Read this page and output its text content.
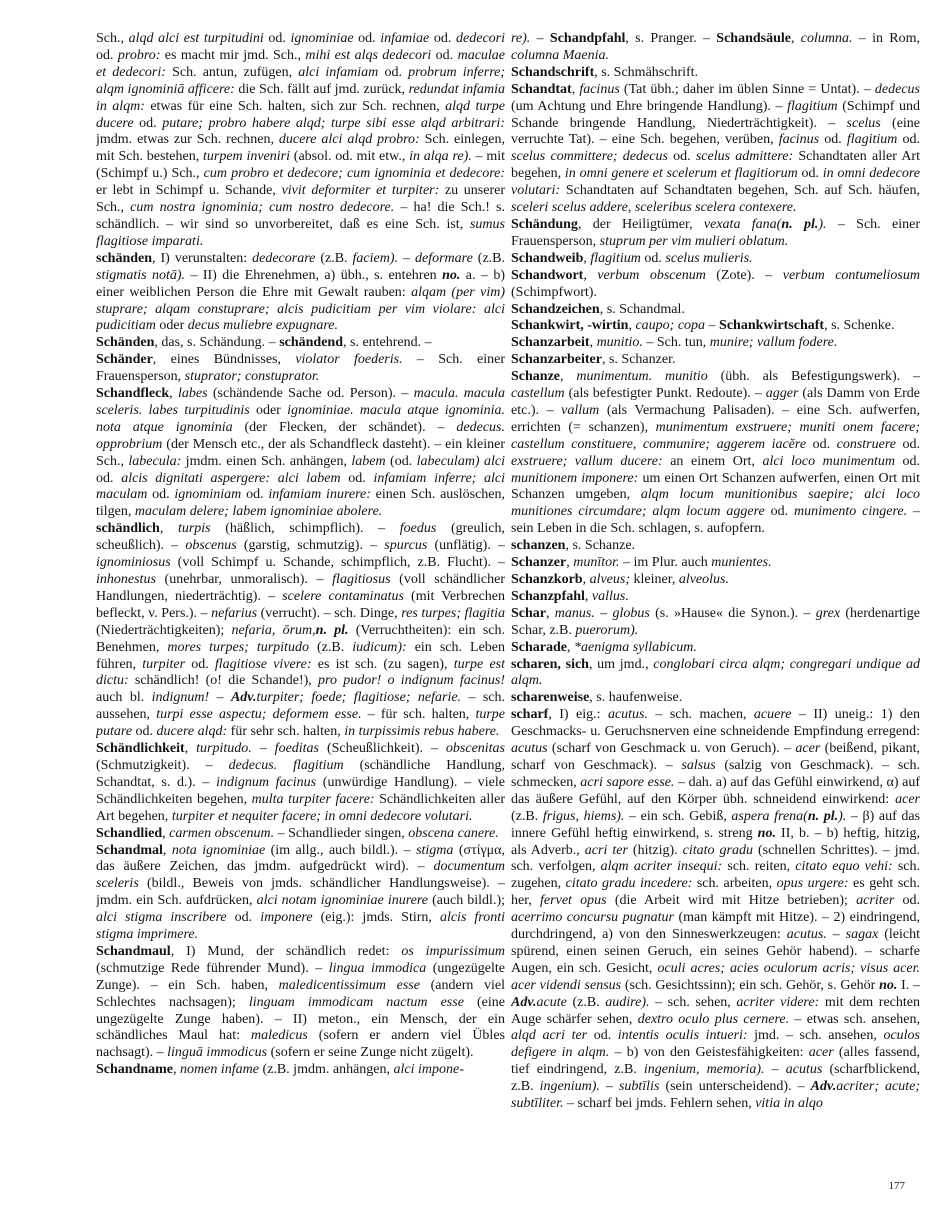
Sch., alqd alci est turpitudini od. ignominiae od. infamiae od. dedecori od. probro: es macht mir jmd. Sch., mihi est alqs dedecori od. maculae et dedecori: Sch. antun, zufügen, alci infamiam od. probrum inferre; alqm ignominiā afficere: die Sch. fällt auf jmd. zurück, redundat infamia in alqm: etwas für eine Sch. halten, sich zur Sch. rechnen, alqd turpe ducere od. putare; probro habere alqd; turpe sibi esse alqd arbitrari: jmdm. etwas zur Sch. rechnen, ducere alci alqd probro: Sch. einlegen, mit Sch. bestehen, turpem inveniri (absol. od. mit etw., in alqa re). – mit (Schimpf u.) Sch., cum probro et dedecore; cum ignominia et dedecore: er lebt in Schimpf u. Schande, vivit deformiter et turpiter: zu unserer Sch., cum nostra ignominia; cum nostro dedecore. – ha! die Sch.! s. schändlich. – wir sind so unvorbereitet, daß es eine Sch. ist, sumus flagitiose imparati.

schänden, I) verunstalten: dedecorare (z.B. faciem). – deformare (z.B. stigmatis notā). – II) die Ehrenehmen, a) übh., s. entehren no. a. – b) einer weiblichen Person die Ehre mit Gewalt rauben: alqam (per vim) stuprare; alqam constuprare; alcis pudicitiam per vim violare: alci pudicitiam oder decus muliebre expugnare.

Schänden, das, s. Schändung. – schändend, s. entehrend. –

Schänder, eines Bündnisses, violator foederis. – Sch. einer Frauensperson, stuprator; constuprator.

Schandfleck, labes (schändende Sache od. Person). – macula. macula sceleris. labes turpitudinis oder ignominiae. macula atque ignominia. nota atque ignominia (der Flecken, der schändet). – dedecus. opprobrium (der Mensch etc., der als Schandfleck dasteht). – ein kleiner Sch., labecula: jmdm. einen Sch. anhängen, labem (od. labeculam) alci od. alcis dignitati aspergere: alci labem od. infamiam inferre; alci maculam od. ignominiam od. infamiam inurere: einen Sch. auslöschen, tilgen, maculam delere; labem ignominiae abolere.

schändlich, turpis (häßlich, schimpflich). – foedus (greulich, scheußlich). – obscenus (garstig, schmutzig). – spurcus (unflätig). – ignominiosus (voll Schimpf u. Schande, schimpflich, z.B. Flucht). – inhonestus (unehrbar, unmoralisch). – flagitiosus (voll schändlicher Handlungen, niederträchtig). – scelere contaminatus (mit Verbrechen befleckt, v. Pers.). – nefarius (verrucht). – sch. Dinge, res turpes; flagitia (Niederträchtigkeiten); nefaria, ōrum,n. pl. (Verruchtheiten): ein sch. Benehmen, mores turpes; turpitudo (z.B. iudicum): ein sch. Leben führen, turpiter od. flagitiose vivere: es ist sch. (zu sagen), turpe est dictu: schändlich! (o! die Schande!), pro pudor! o indignum facinus! auch bl. indignum! – Adv.turpiter; foede; flagitiose; nefarie. – sch. aussehen, turpi esse aspectu; deformem esse. – für sch. halten, turpe putare od. ducere alqd: für sehr sch. halten, in turpissimis rebus habere.

Schändlichkeit, turpitudo. – foeditas (Scheußlichkeit). – obscenitas (Schmutzigkeit). – dedecus. flagitium (schändliche Handlung, Schandtat, s. d.). – indignum facinus (unwürdige Handlung). – viele Schändlichkeiten begehen, multa turpiter facere: Schändlichkeiten aller Art begehen, turpiter et nequiter facere; in omni dedecore volutari.

Schandlied, carmen obscenum. – Schandlieder singen, obscena canere.

Schandmal, nota ignominiae (im allg., auch bildl.). – stigma (στίγμα, das äußere Zeichen, das jmdm. aufgedrückt wird). – documentum sceleris (bildl., Beweis von jmds. schändlicher Handlungsweise). – jmdm. ein Sch. aufdrücken, alci notam ignominiae inurere (auch bildl.); alci stigma inscribere od. imponere (eig.): jmds. Stirn, alcis fronti stigma imprimere.

Schandmaul, I) Mund, der schändlich redet: os impurissimum (schmutzige Rede führender Mund). – lingua immodica (ungezügelte Zunge). – ein Sch. haben, maledicentissimum esse (andern viel Schlechtes nachsagen); linguam immodicam nactum esse (eine ungezügelte Zunge haben). – II) meton., ein Mensch, der ein schändliches Maul hat: maledicus (sofern er andern viel Übles nachsagt). – linguā immodicus (sofern er seine Zunge nicht zügelt).

Schandname, nomen infame (z.B. jmdm. anhängen, alci impone-

re). – Schandpfahl, s. Pranger. – Schandsäule, columna. – in Rom, columna Maenia.

Schandschrift, s. Schmähschrift.

Schandtat, facinus (Tat übh.; daher im üblen Sinne = Untat). – dedecus (um Achtung und Ehre bringende Handlung). – flagitium (Schimpf und Schande bringende Handlung, Niederträchtigkeit). – scelus (eine verruchte Tat). – eine Sch. begehen, verüben, facinus od. flagitium od. scelus committere; dedecus od. scelus admittere: Schandtaten aller Art begehen, in omni genere et scelerum et flagitiorum od. in omni dedecore volutari: Schandtaten auf Schandtaten begehen, Sch. auf Sch. häufen, sceleri scelus addere, sceleribus scelera contexere.

Schändung, der Heiligtümer, vexata fana(n. pl.). – Sch. einer Frauensperson, stuprum per vim mulieri oblatum.

Schandweib, flagitium od. scelus mulieris.

Schandwort, verbum obscenum (Zote). – verbum contumeliosum (Schimpfwort).

Schandzeichen, s. Schandmal.

Schankwirt, -wirtin, caupo; copa – Schankwirtschaft, s. Schenke.

Schanzarbeit, munitio. – Sch. tun, munire; vallum fodere.

Schanzarbeiter, s. Schanzer.

Schanze, munimentum. munitio (übh. als Befestigungswerk). – castellum (als befestigter Punkt. Redoute). – agger (als Damm von Erde etc.). – vallum (als Vermachung Palisaden). – eine Sch. aufwerfen, errichten (= schanzen), munimentum exstruere; muniti onem facere; castellum constituere, communire; aggerem iacĕre od. construere od. exstruere; vallum ducere: an einem Ort, alci loco munimentum od. munitionem imponere: um einen Ort Schanzen aufwerfen, einen Ort mit Schanzen umgeben, alqm locum munitionibus saepire; alci loco munitiones circumdare; alqm locum aggere od. munimento cingere. – sein Leben in die Sch. schlagen, s. aufopfern.

schanzen, s. Schanze.

Schanzer, munītor. – im Plur. auch munientes.

Schanzkorb, alveus; kleiner, alveolus.

Schanzpfahl, vallus.

Schar, manus. – globus (s. »Hause« die Synon.). – grex (herdenartige Schar, z.B. puerorum).

Scharade, *aenigma syllabicum.

scharen, sich, um jmd., conglobari circa alqm; congregari undique ad alqm.

scharenweise, s. haufenweise.

scharf, I) eig.: acutus. – sch. machen, acuere – II) uneig.: 1) den Geschmacks- u. Geruchsnerven eine schneidende Empfindung erregend: acutus (scharf von Geschmack u. von Geruch). – acer (beißend, pikant, scharf von Geschmack). – salsus (salzig von Geschmack). – sch. schmecken, acri sapore esse. – dah. a) auf das Gefühl einwirkend, α) auf das äußere Gefühl, auf den Körper übh. schneidend einwirkend: acer (z.B. frigus, hiems). – ein sch. Gebiß, aspera frena(n. pl.). – β) auf das innere Gefühl heftig einwirkend, s. streng no. II, b. – b) heftig, hitzig, als Adverb., acri ter (hitzig). citato gradu (schnellen Schrittes). – jmd. sch. verfolgen, alqm acriter insequi: sch. reiten, citato equo vehi: sch. zugehen, citato gradu incedere: sch. arbeiten, opus urgere: es geht sch. her, fervet opus (die Arbeit wird mit Hitze betrieben); acriter od. acerrimo concursu pugnatur (man kämpft mit Hitze). – 2) eindringend, durchdringend, a) von den Sinneswerkzeugen: acutus. – sagax (leicht spürend, einen seinen Geruch, ein seines Gehör habend). – scharfe Augen, ein sch. Gesicht, oculi acres; acies oculorum acris; visus acer. acer videndi sensus (sch. Gesichtssinn); ein sch. Gehör, s. Gehör no. I. – Adv.acute (z.B. audire). – sch. sehen, acriter videre: mit dem rechten Auge schärfer sehen, dextro oculo plus cernere. – etwas sch. ansehen, alqd acri ter od. intentis oculis intueri: jmd. – sch. ansehen, oculos defigere in alqm. – b) von den Geistesfähigkeiten: acer (alles fassend, tief eindringend, z.B. ingenium, memoria). – acutus (scharfblickend, z.B. ingenium). – subtīlis (sein unterscheidend). – Adv.acriter; acute; subtīliter. – scharf bei jmds. Fehlern sehen, vitia in alqo

177
